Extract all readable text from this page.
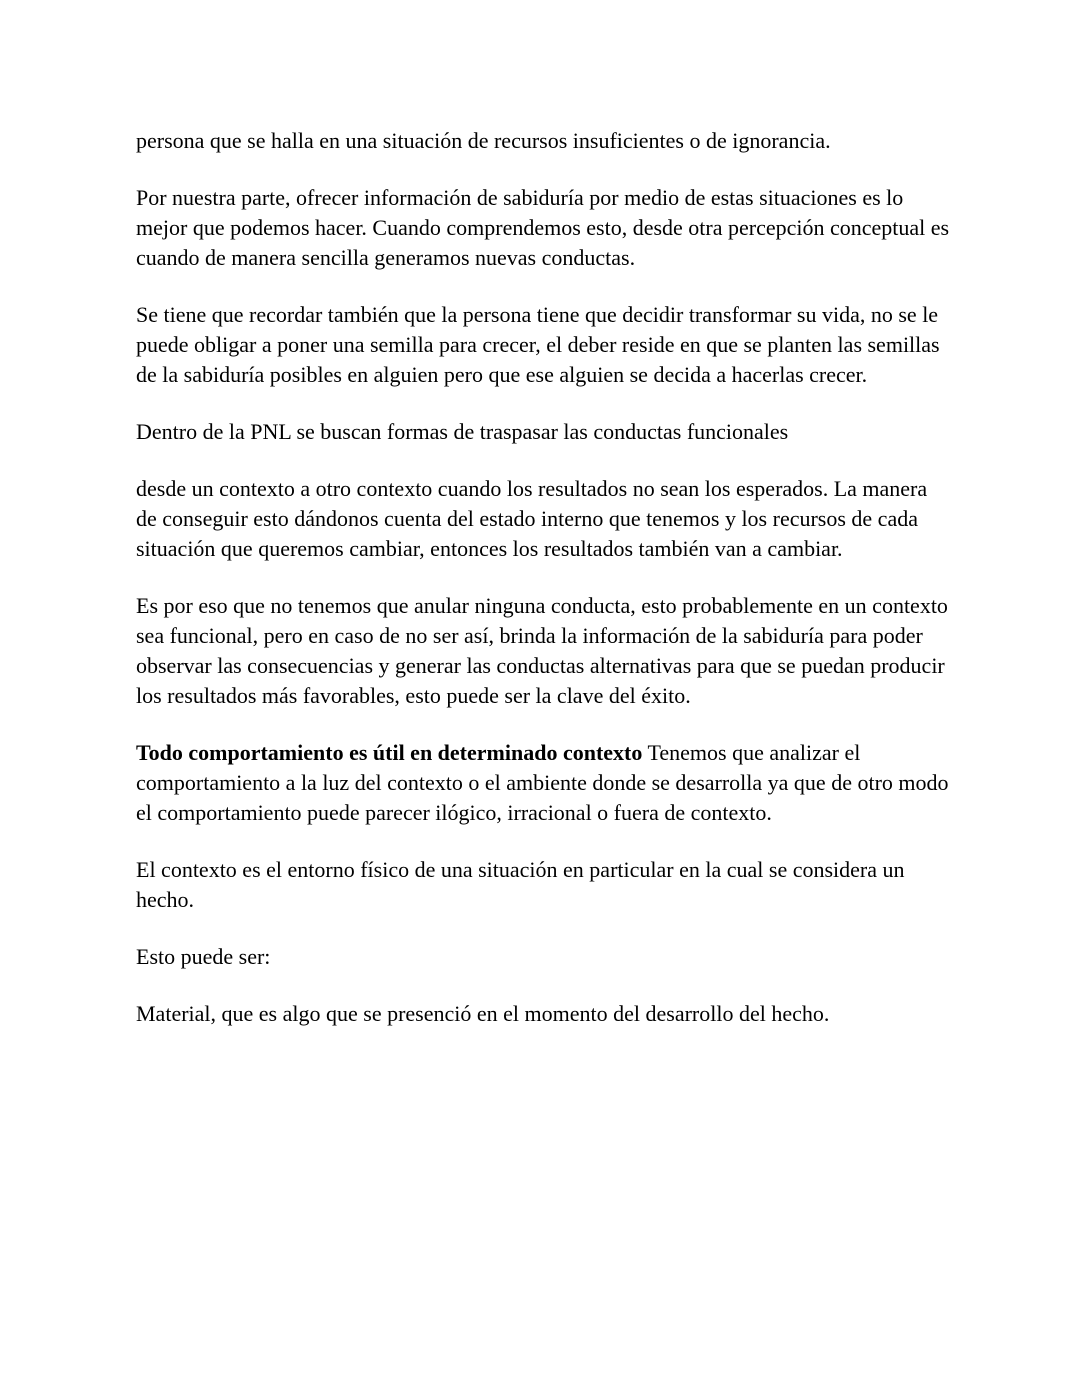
persona que se halla en una situación de recursos insuficientes o de ignorancia.

Por nuestra parte, ofrecer información de sabiduría por medio de estas situaciones es lo mejor que podemos hacer. Cuando comprendemos esto, desde otra percepción conceptual es cuando de manera sencilla generamos nuevas conductas.

Se tiene que recordar también que la persona tiene que decidir transformar su vida, no se le puede obligar a poner una semilla para crecer, el deber reside en que se planten las semillas de la sabiduría posibles en alguien pero que ese alguien se decida a hacerlas crecer.

Dentro de la PNL se buscan formas de traspasar las conductas funcionales

desde un contexto a otro contexto cuando los resultados no sean los esperados. La manera de conseguir esto dándonos cuenta del estado interno que tenemos y los recursos de cada situación que queremos cambiar, entonces los resultados también van a cambiar.

Es por eso que no tenemos que anular ninguna conducta, esto probablemente en un contexto sea funcional, pero en caso de no ser así, brinda la información de la sabiduría para poder observar las consecuencias y generar las conductas alternativas para que se puedan producir los resultados más favorables, esto puede ser la clave del éxito.

Todo comportamiento es útil en determinado contexto Tenemos que analizar el comportamiento a la luz del contexto o el ambiente donde se desarrolla ya que de otro modo el comportamiento puede parecer ilógico, irracional o fuera de contexto.

El contexto es el entorno físico de una situación en particular en la cual se considera un hecho.

Esto puede ser:

Material, que es algo que se presenció en el momento del desarrollo del hecho.
